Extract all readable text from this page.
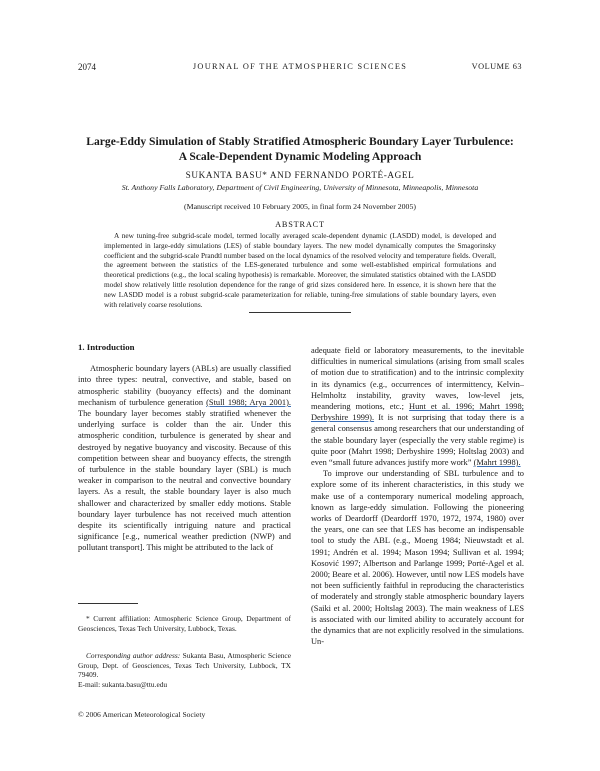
2074	JOURNAL OF THE ATMOSPHERIC SCIENCES	VOLUME 63
Large-Eddy Simulation of Stably Stratified Atmospheric Boundary Layer Turbulence:
A Scale-Dependent Dynamic Modeling Approach
SUKANTA BASU* AND FERNANDO PORTÉ-AGEL
St. Anthony Falls Laboratory, Department of Civil Engineering, University of Minnesota, Minneapolis, Minnesota
(Manuscript received 10 February 2005, in final form 24 November 2005)
ABSTRACT

A new tuning-free subgrid-scale model, termed locally averaged scale-dependent dynamic (LASDD) model, is developed and implemented in large-eddy simulations (LES) of stable boundary layers. The new model dynamically computes the Smagorinsky coefficient and the subgrid-scale Prandtl number based on the local dynamics of the resolved velocity and temperature fields. Overall, the agreement between the statistics of the LES-generated turbulence and some well-established empirical formulations and theoretical predictions (e.g., the local scaling hypothesis) is remarkable. Moreover, the simulated statistics obtained with the LASDD model show relatively little resolution dependence for the range of grid sizes considered here. In essence, it is shown here that the new LASDD model is a robust subgrid-scale parameterization for reliable, tuning-free simulations of stable boundary layers, even with relatively coarse resolutions.

1. Introduction

Atmospheric boundary layers (ABLs) are usually classified into three types: neutral, convective, and stable, based on atmospheric stability (buoyancy effects) and the dominant mechanism of turbulence generation (Stull 1988; Arya 2001). The boundary layer becomes stably stratified whenever the underlying surface is colder than the air. Under this atmospheric condition, turbulence is generated by shear and destroyed by negative buoyancy and viscosity. Because of this competition between shear and buoyancy effects, the strength of turbulence in the stable boundary layer (SBL) is much weaker in comparison to the neutral and convective boundary layers. As a result, the stable boundary layer is also much shallower and characterized by smaller eddy motions. Stable boundary layer turbulence has not received much attention despite its scientifically intriguing nature and practical significance [e.g., numerical weather prediction (NWP) and pollutant transport]. This might be attributed to the lack of

adequate field or laboratory measurements, to the inevitable difficulties in numerical simulations (arising from small scales of motion due to stratification) and to the intrinsic complexity in its dynamics (e.g., occurrences of intermittency, Kelvin–Helmholtz instability, gravity waves, low-level jets, meandering motions, etc.; Hunt et al. 1996; Mahrt 1998; Derbyshire 1999). It is not surprising that today there is a general consensus among researchers that our understanding of the stable boundary layer (especially the very stable regime) is quite poor (Mahrt 1998; Derbyshire 1999; Holtslag 2003) and even “small future advances justify more work” (Mahrt 1998).

To improve our understanding of SBL turbulence and to explore some of its inherent characteristics, in this study we make use of a contemporary numerical modeling approach, known as large-eddy simulation. Following the pioneering works of Deardorff (Deardorff 1970, 1972, 1974, 1980) over the years, one can see that LES has become an indispensable tool to study the ABL (e.g., Moeng 1984; Nieuwstadt et al. 1991; Andrén et al. 1994; Mason 1994; Sullivan et al. 1994; Kosović 1997; Albertson and Parlange 1999; Porté-Agel et al. 2000; Beare et al. 2006). However, until now LES models have not been sufficiently faithful in reproducing the characteristics of moderately and strongly stable atmospheric boundary layers (Saiki et al. 2000; Holtslag 2003). The main weakness of LES is associated with our limited ability to accurately account for the dynamics that are not explicitly resolved in the simulations. Un-

* Current affiliation: Atmospheric Science Group, Department of Geosciences, Texas Tech University, Lubbock, Texas.
Corresponding author address: Sukanta Basu, Atmospheric Science Group, Dept. of Geosciences, Texas Tech University, Lubbock, TX 79409.
E-mail: sukanta.basu@ttu.edu
© 2006 American Meteorological Society
